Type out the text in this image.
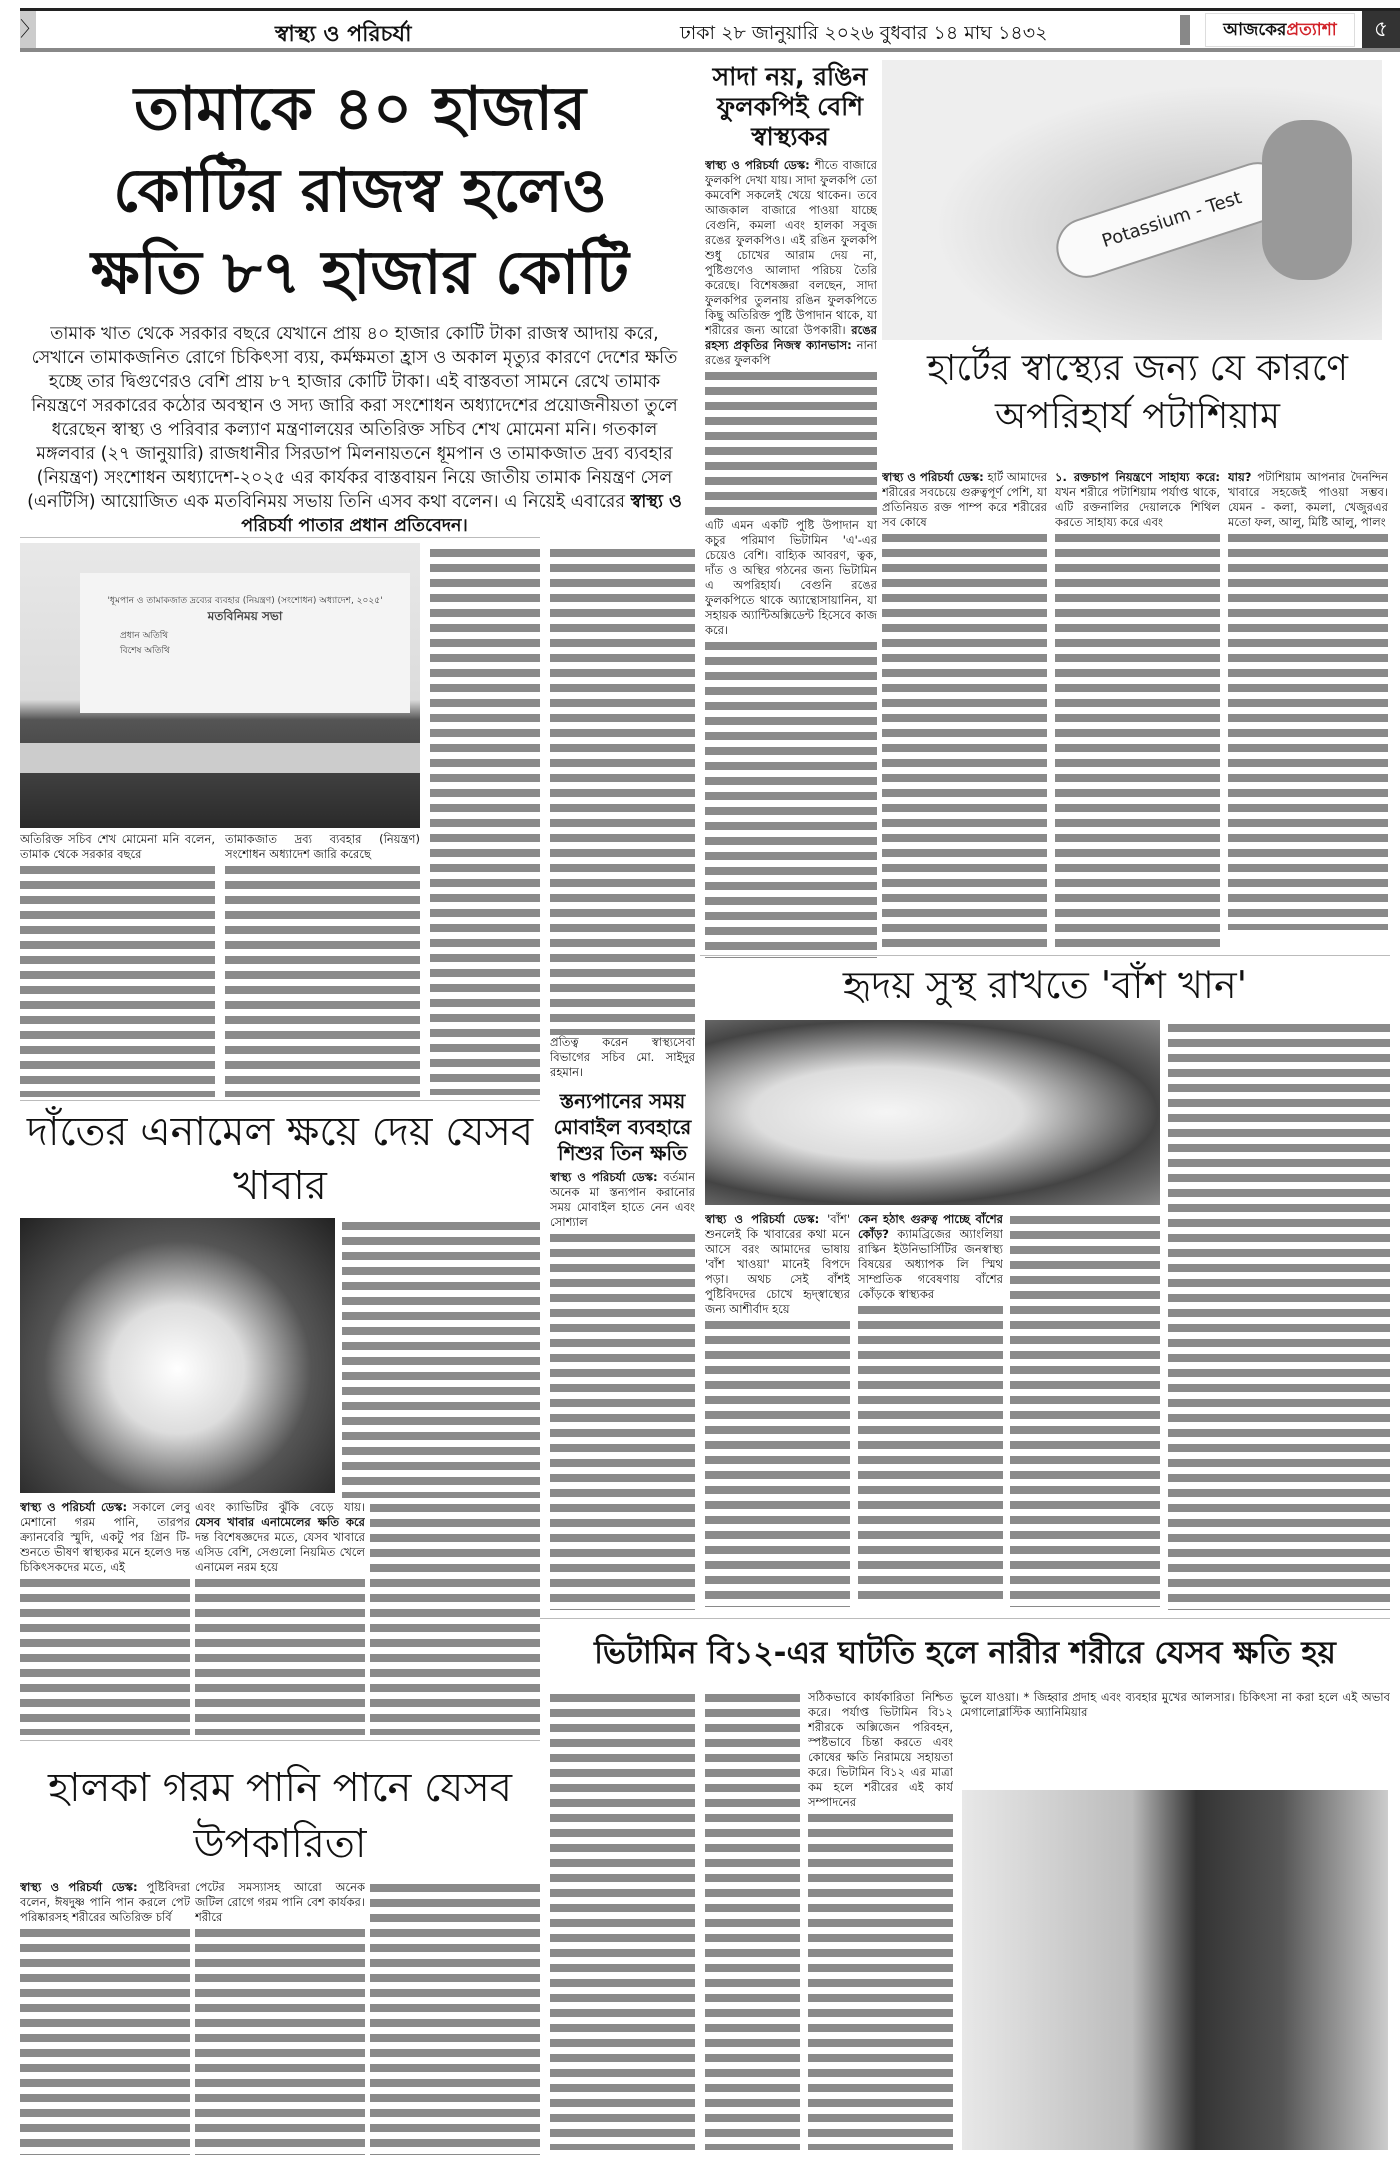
〉	স্বাস্থ্য ও পরিচর্যা	ঢাকা ২৮ জানুয়ারি ২০২৬ বুধবার ১৪ মাঘ ১৪৩২	আজকেরপ্রত্যাশা	৫
তামাকে ৪০ হাজার কোটির রাজস্ব হলেও ক্ষতি ৮৭ হাজার কোটি
তামাক খাত থেকে সরকার বছরে যেখানে প্রায় ৪০ হাজার কোটি টাকা রাজস্ব আদায় করে, সেখানে তামাকজনিত রোগে চিকিৎসা ব্যয়, কর্মক্ষমতা হ্রাস ও অকাল মৃত্যুর কারণে দেশের ক্ষতি হচ্ছে তার দ্বিগুণেরও বেশি প্রায় ৮৭ হাজার কোটি টাকা। এই বাস্তবতা সামনে রেখে তামাক নিয়ন্ত্রণে সরকারের কঠোর অবস্থান ও সদ্য জারি করা সংশোধন অধ্যাদেশের প্রয়োজনীয়তা তুলে ধরেছেন স্বাস্থ্য ও পরিবার কল্যাণ মন্ত্রণালয়ের অতিরিক্ত সচিব শেখ মোমেনা মনি। গতকাল মঙ্গলবার (২৭ জানুয়ারি) রাজধানীর সিরডাপ মিলনায়তনে ধূমপান ও তামাকজাত দ্রব্য ব্যবহার (নিয়ন্ত্রণ) সংশোধন অধ্যাদেশ-২০২৫ এর কার্যকর বাস্তবায়ন নিয়ে জাতীয় তামাক নিয়ন্ত্রণ সেল (এনটিসি) আয়োজিত এক মতবিনিময় সভায় তিনি এসব কথা বলেন। এ নিয়েই এবারের স্বাস্থ্য ও পরিচর্যা পাতার প্রধান প্রতিবেদন।
'ধূমপান ও তামাকজাত দ্রব্যের ব্যবহার (নিয়ন্ত্রণ) (সংশোধন) অধ্যাদেশ, ২০২৫'
মতবিনিময় সভা
প্রধান অতিথি
বিশেষ অতিথি
অতিরিক্ত সচিব শেখ মোমেনা মনি বলেন, তামাক থেকে সরকার বছরে
তামাকজাত দ্রব্য ব্যবহার (নিয়ন্ত্রণ) সংশোধন অধ্যাদেশ জারি করেছে
প্রতিত্ব করেন স্বাস্থ্যসেবা বিভাগের সচিব মো. সাইদুর রহমান।
সাদা নয়, রঙিন ফুলকপিই বেশি স্বাস্থ্যকর
স্বাস্থ্য ও পরিচর্যা ডেস্ক: শীতে বাজারে ফুলকপি দেখা যায়। সাদা ফুলকপি তো কমবেশি সকলেই খেয়ে থাকেন। তবে আজকাল বাজারে পাওয়া যাচ্ছে বেগুনি, কমলা এবং হালকা সবুজ রঙের ফুলকপিও। এই রঙিন ফুলকপি শুধু চোখের আরাম দেয় না, পুষ্টিগুণেও আলাদা পরিচয় তৈরি করেছে। বিশেষজ্ঞরা বলছেন, সাদা ফুলকপির তুলনায় রঙিন ফুলকপিতে কিছু অতিরিক্ত পুষ্টি উপাদান থাকে, যা শরীরের জন্য আরো উপকারী। রঙের রহস্য প্রকৃতির নিজস্ব ক্যানভাস: নানা রঙের ফুলকপি
এটি এমন একটি পুষ্টি উপাদান যা কচুর পরিমাণ ভিটামিন 'এ'-এর চেয়েও বেশি। বাহ্যিক আবরণ, ত্বক, দাঁত ও অস্থির গঠনের জন্য ভিটামিন এ অপরিহার্য। বেগুনি রঙের ফুলকপিতে থাকে অ্যান্থোসায়ানিন, যা সহায়ক অ্যান্টিঅক্সিডেন্ট হিসেবে কাজ করে।
Potassium - Test
হার্টের স্বাস্থ্যের জন্য যে কারণে অপরিহার্য পটাশিয়াম
স্বাস্থ্য ও পরিচর্যা ডেস্ক: হার্ট আমাদের শরীরের সবচেয়ে গুরুত্বপূর্ণ পেশি, যা প্রতিনিয়ত রক্ত পাম্প করে শরীরের সব কোষে
১. রক্তচাপ নিয়ন্ত্রণে সাহায্য করে: যখন শরীরে পটাশিয়াম পর্যাপ্ত থাকে, এটি রক্তনালির দেয়ালকে শিথিল করতে সাহায্য করে এবং
যায়? পটাশিয়াম আপনার দৈনন্দিন খাবারে সহজেই পাওয়া সম্ভব। যেমন - কলা, কমলা, খেজুরএর মতো ফল, আলু, মিষ্টি আলু, পালং
হৃদয় সুস্থ রাখতে 'বাঁশ খান'
স্বাস্থ্য ও পরিচর্যা ডেস্ক: 'বাঁশ' শুনলেই কি খাবারের কথা মনে আসে বরং আমাদের ভাষায় 'বাঁশ খাওয়া' মানেই বিপদে পড়া। অথচ সেই বাঁশই পুষ্টিবিদদের চোখে হৃদ্‌স্বাস্থ্যের জন্য আশীর্বাদ হয়ে
কেন হঠাৎ গুরুত্ব পাচ্ছে বাঁশের কোঁড়? ক্যামব্রিজের অ্যাংলিয়া রাস্কিন ইউনিভার্সিটির জনস্বাস্থ্য বিষয়ের অধ্যাপক লি স্মিথ সাম্প্রতিক গবেষণায় বাঁশের কোঁড়কে স্বাস্থ্যকর
স্তন্যপানের সময় মোবাইল ব্যবহারে শিশুর তিন ক্ষতি
স্বাস্থ্য ও পরিচর্যা ডেস্ক: বর্তমান অনেক মা স্তন্যপান করানোর সময় মোবাইল হাতে নেন এবং সোশ্যাল
দাঁতের এনামেল ক্ষয়ে দেয় যেসব খাবার
স্বাস্থ্য ও পরিচর্যা ডেস্ক: সকালে লেবু মেশানো গরম পানি, তারপর ক্র্যানবেরি স্মুদি, একটু পর গ্রিন টি- শুনতে ভীষণ স্বাস্থ্যকর মনে হলেও দন্ত চিকিৎসকদের মতে, এই
এবং ক্যাভিটির ঝুঁকি বেড়ে যায়। যেসব খাবার এনামেলের ক্ষতি করে দন্ত বিশেষজ্ঞদের মতে, যেসব খাবারে এসিড বেশি, সেগুলো নিয়মিত খেলে এনামেল নরম হয়ে
ভিটামিন বি১২-এর ঘাটতি হলে নারীর শরীরে যেসব ক্ষতি হয়
সঠিকভাবে কার্যকারিতা নিশ্চিত করে। পর্যাপ্ত ভিটামিন বি১২ শরীরকে অক্সিজেন পরিবহন, স্পষ্টভাবে চিন্তা করতে এবং কোষের ক্ষতি নিরাময়ে সহায়তা করে। ভিটামিন বি১২ এর মাত্রা কম হলে শরীরের এই কার্য সম্পাদনের
ভুলে যাওয়া। * জিহ্বার প্রদাহ এবং ব্যবহার মুখের আলসার। চিকিৎসা না করা হলে এই অভাব মেগালোব্লাস্টিক অ্যানিমিয়ার
হালকা গরম পানি পানে যেসব উপকারিতা
স্বাস্থ্য ও পরিচর্যা ডেস্ক: পুষ্টিবিদরা বলেন, ঈষদুষ্ণ পানি পান করলে পেট পরিষ্কারসহ শরীরের অতিরিক্ত চর্বি
পেটের সমস্যাসহ আরো অনেক জটিল রোগে গরম পানি বেশ কার্যকর। শরীরে
